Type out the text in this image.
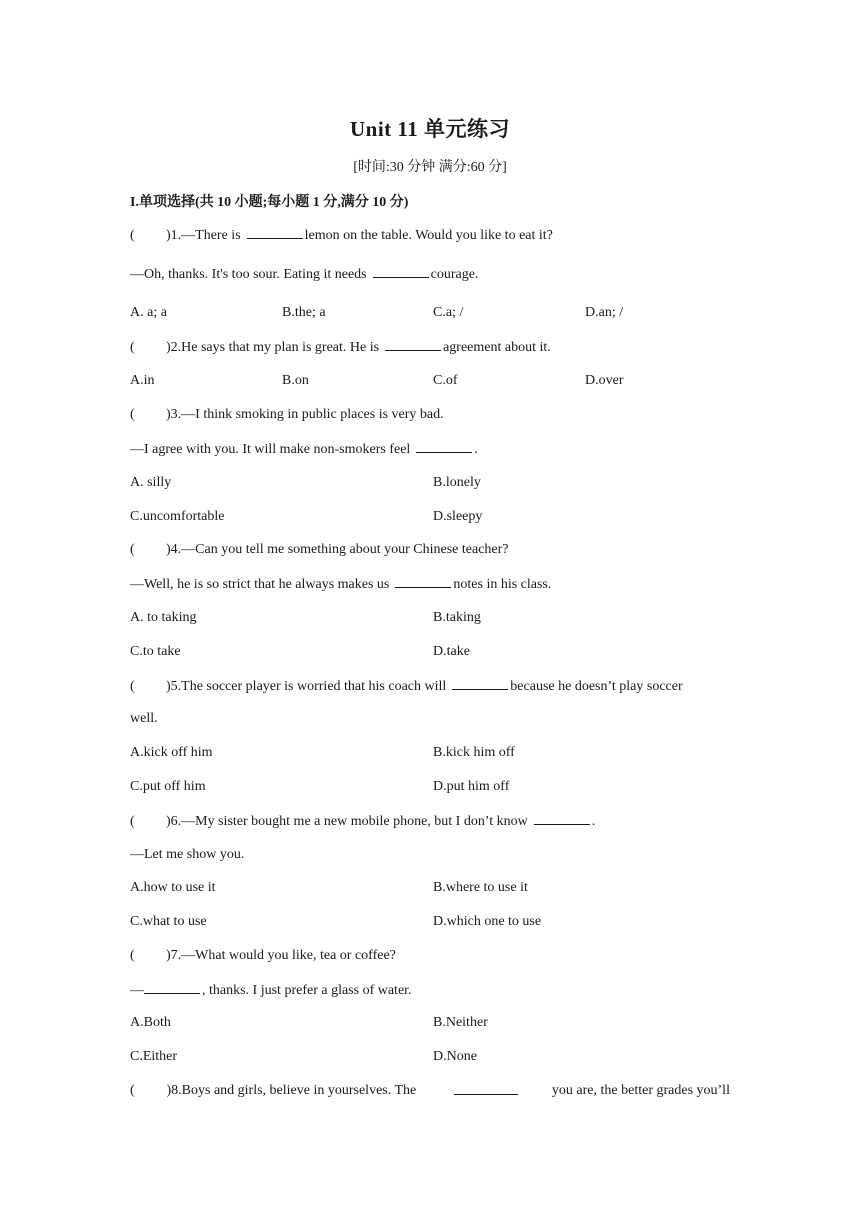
Unit 11 单元练习
[时间:30 分钟 满分:60 分]
I.单项选择(共 10 小题;每小题 1 分,满分 10 分)
( )1.—There is	lemon on the table. Would you like to eat it?
—Oh, thanks. It's too sour. Eating it needs	courage.
A. a; a	B.the; a	C.a; /	D.an; /
( )2.He says that my plan is great. He is	agreement about it.
A.in	B.on	C.of	D.over
( )3.—I think smoking in public places is very bad.
—I agree with you. It will make non-smokers feel	.
A. silly	B.lonely
C.uncomfortable	D.sleepy
( )4.—Can you tell me something about your Chinese teacher?
—Well, he is so strict that he always makes us	notes in his class.
A. to taking	B.taking
C.to take	D.take
( )5.The soccer player is worried that his coach will	because he doesn’t play soccer
well.
A.kick off him	B.kick him off
C.put off him	D.put him off
( )6.—My sister bought me a new mobile phone, but I don’t know	.
—Let me show you.
A.how to use it	B.where to use it
C.what to use	D.which one to use
( )7.—What would you like, tea or coffee?
—	, thanks. I just prefer a glass of water.
A.Both	B.Neither
C.Either	D.None
( )8.Boys and girls, believe in yourselves. The	you are, the better grades you’ll
